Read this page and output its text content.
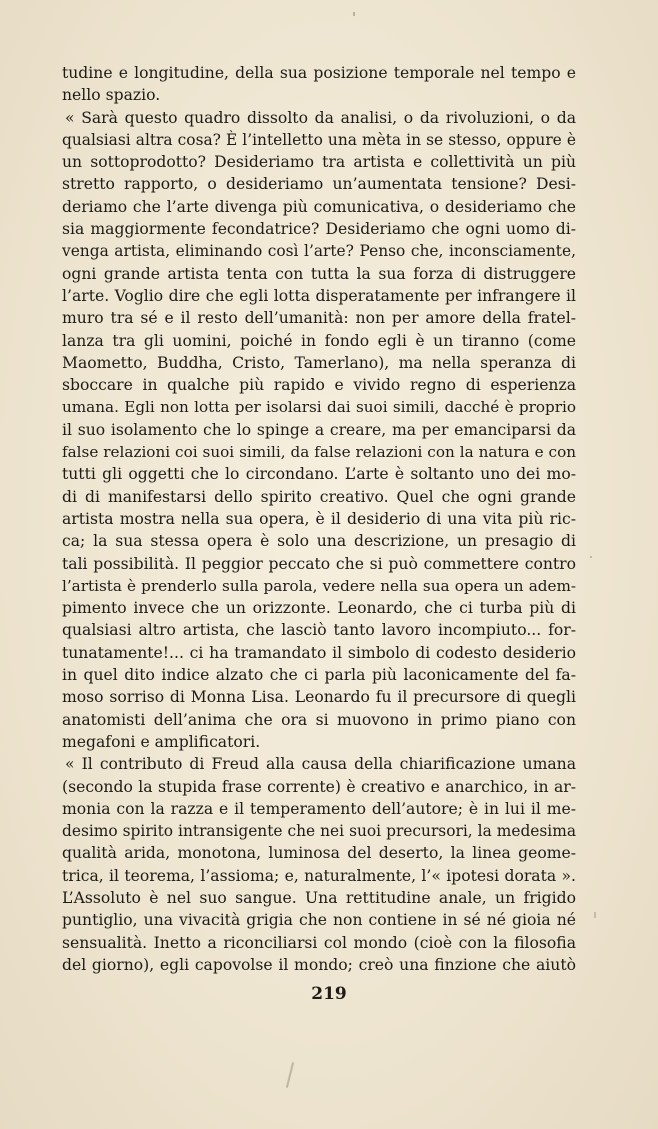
tudine e longitudine, della sua posizione temporale nel tempo e
nello spazio.
« Sarà questo quadro dissolto da analisi, o da rivoluzioni, o da
qualsiasi altra cosa? È l’intelletto una mèta in se stesso, oppure è
un sottoprodotto? Desideriamo tra artista e collettività un più
stretto rapporto, o desideriamo un’aumentata tensione? Desi-
deriamo che l’arte divenga più comunicativa, o desideriamo che
sia maggiormente fecondatrice? Desideriamo che ogni uomo di-
venga artista, eliminando così l’arte? Penso che, inconsciamente,
ogni grande artista tenta con tutta la sua forza di distruggere
l’arte. Voglio dire che egli lotta disperatamente per infrangere il
muro tra sé e il resto dell’umanità: non per amore della fratel-
lanza tra gli uomini, poiché in fondo egli è un tiranno (come
Maometto, Buddha, Cristo, Tamerlano), ma nella speranza di
sboccare in qualche più rapido e vivido regno di esperienza
umana. Egli non lotta per isolarsi dai suoi simili, dacché è proprio
il suo isolamento che lo spinge a creare, ma per emanciparsi da
false relazioni coi suoi simili, da false relazioni con la natura e con
tutti gli oggetti che lo circondano. L’arte è soltanto uno dei mo-
di di manifestarsi dello spirito creativo. Quel che ogni grande
artista mostra nella sua opera, è il desiderio di una vita più ric-
ca; la sua stessa opera è solo una descrizione, un presagio di
tali possibilità. Il peggior peccato che si può commettere contro
l’artista è prenderlo sulla parola, vedere nella sua opera un adem-
pimento invece che un orizzonte. Leonardo, che ci turba più di
qualsiasi altro artista, che lasciò tanto lavoro incompiuto... for-
tunatamente!... ci ha tramandato il simbolo di codesto desiderio
in quel dito indice alzato che ci parla più laconicamente del fa-
moso sorriso di Monna Lisa. Leonardo fu il precursore di quegli
anatomisti dell’anima che ora si muovono in primo piano con
megafoni e amplificatori.
« Il contributo di Freud alla causa della chiarificazione umana
(secondo la stupida frase corrente) è creativo e anarchico, in ar-
monia con la razza e il temperamento dell’autore; è in lui il me-
desimo spirito intransigente che nei suoi precursori, la medesima
qualità arida, monotona, luminosa del deserto, la linea geome-
trica, il teorema, l’assioma; e, naturalmente, l’« ipotesi dorata ».
L’Assoluto è nel suo sangue. Una rettitudine anale, un frigido
puntiglio, una vivacità grigia che non contiene in sé né gioia né
sensualità. Inetto a riconciliarsi col mondo (cioè con la filosofia
del giorno), egli capovolse il mondo; creò una finzione che aiutò
219
